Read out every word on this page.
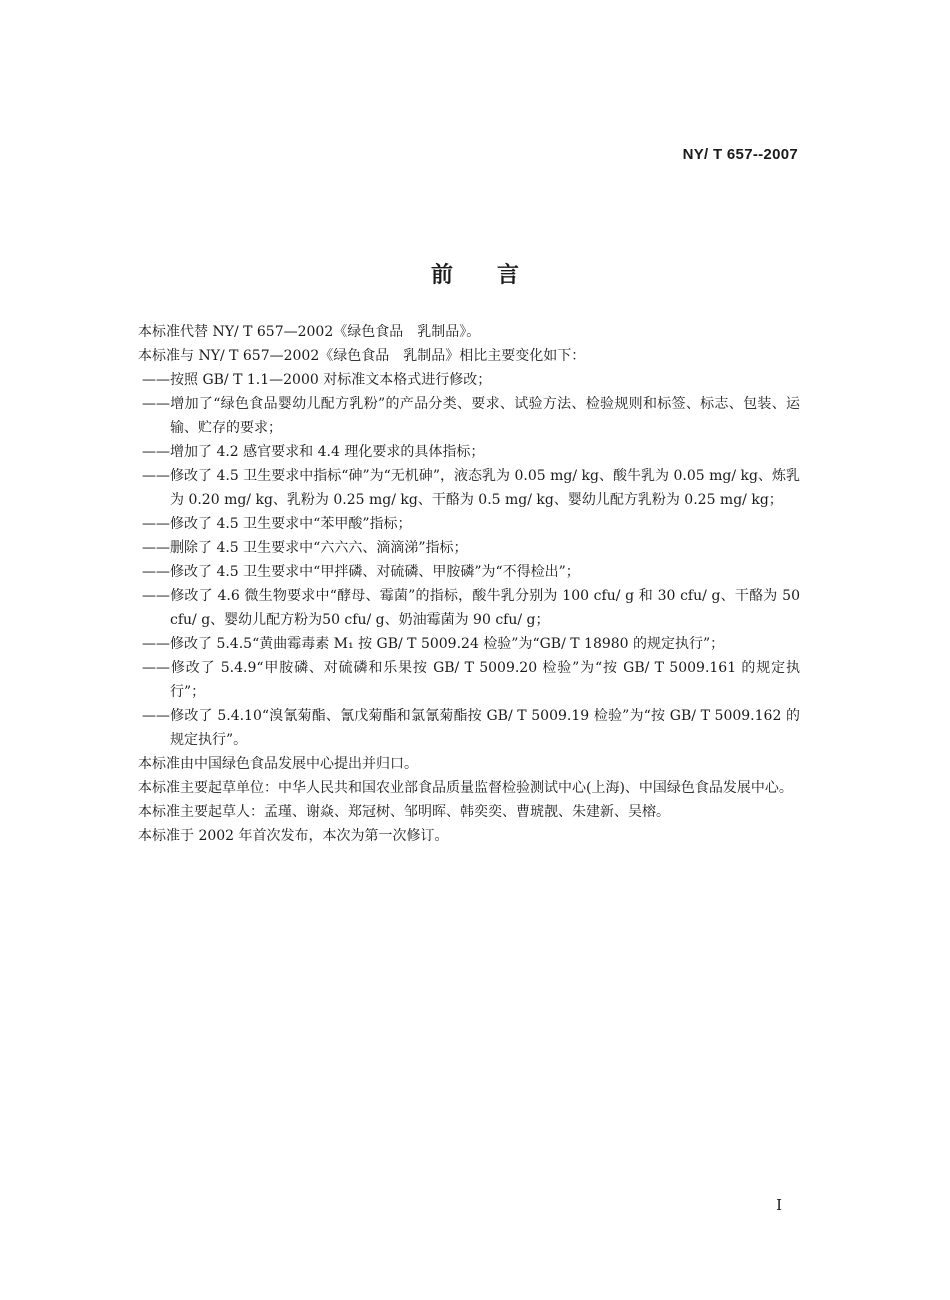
NY/ T 657--2007
前言

本标准代替 NY/ T 657—2002《绿色食品　乳制品》。

本标准与 NY/ T 657—2002《绿色食品　乳制品》相比主要变化如下：

——按照 GB/ T 1.1—2000 对标准文本格式进行修改；

——增加了“绿色食品婴幼儿配方乳粉”的产品分类、要求、试验方法、检验规则和标签、标志、包装、运输、贮存的要求；

——增加了 4.2 感官要求和 4.4 理化要求的具体指标；

——修改了 4.5 卫生要求中指标“砷”为“无机砷”，液态乳为 0.05 mg/ kg、酸牛乳为 0.05 mg/ kg、炼乳为 0.20 mg/ kg、乳粉为 0.25 mg/ kg、干酪为 0.5 mg/ kg、婴幼儿配方乳粉为 0.25 mg/ kg；

——修改了 4.5 卫生要求中“苯甲酸”指标；

——删除了 4.5 卫生要求中“六六六、滴滴涕”指标；

——修改了 4.5 卫生要求中“甲拌磷、对硫磷、甲胺磷”为“不得检出”；

——修改了 4.6 微生物要求中“酵母、霉菌”的指标，酸牛乳分别为 100 cfu/ g 和 30 cfu/ g、干酪为 50 cfu/ g、婴幼儿配方粉为50 cfu/ g、奶油霉菌为 90 cfu/ g；

——修改了 5.4.5“黄曲霉毒素 M₁ 按 GB/ T 5009.24 检验”为“GB/ T 18980 的规定执行”；

——修改了 5.4.9“甲胺磷、对硫磷和乐果按 GB/ T 5009.20 检验”为“按 GB/ T 5009.161 的规定执行”；

——修改了 5.4.10“溴氰菊酯、氰戊菊酯和氯氰菊酯按 GB/ T 5009.19 检验”为“按 GB/ T 5009.162 的规定执行”。

本标准由中国绿色食品发展中心提出并归口。

本标准主要起草单位：中华人民共和国农业部食品质量监督检验测试中心(上海)、中国绿色食品发展中心。

本标准主要起草人：孟瑾、谢焱、郑冠树、邹明晖、韩奕奕、曹琥靓、朱建新、吴榕。

本标准于 2002 年首次发布，本次为第一次修订。

I
